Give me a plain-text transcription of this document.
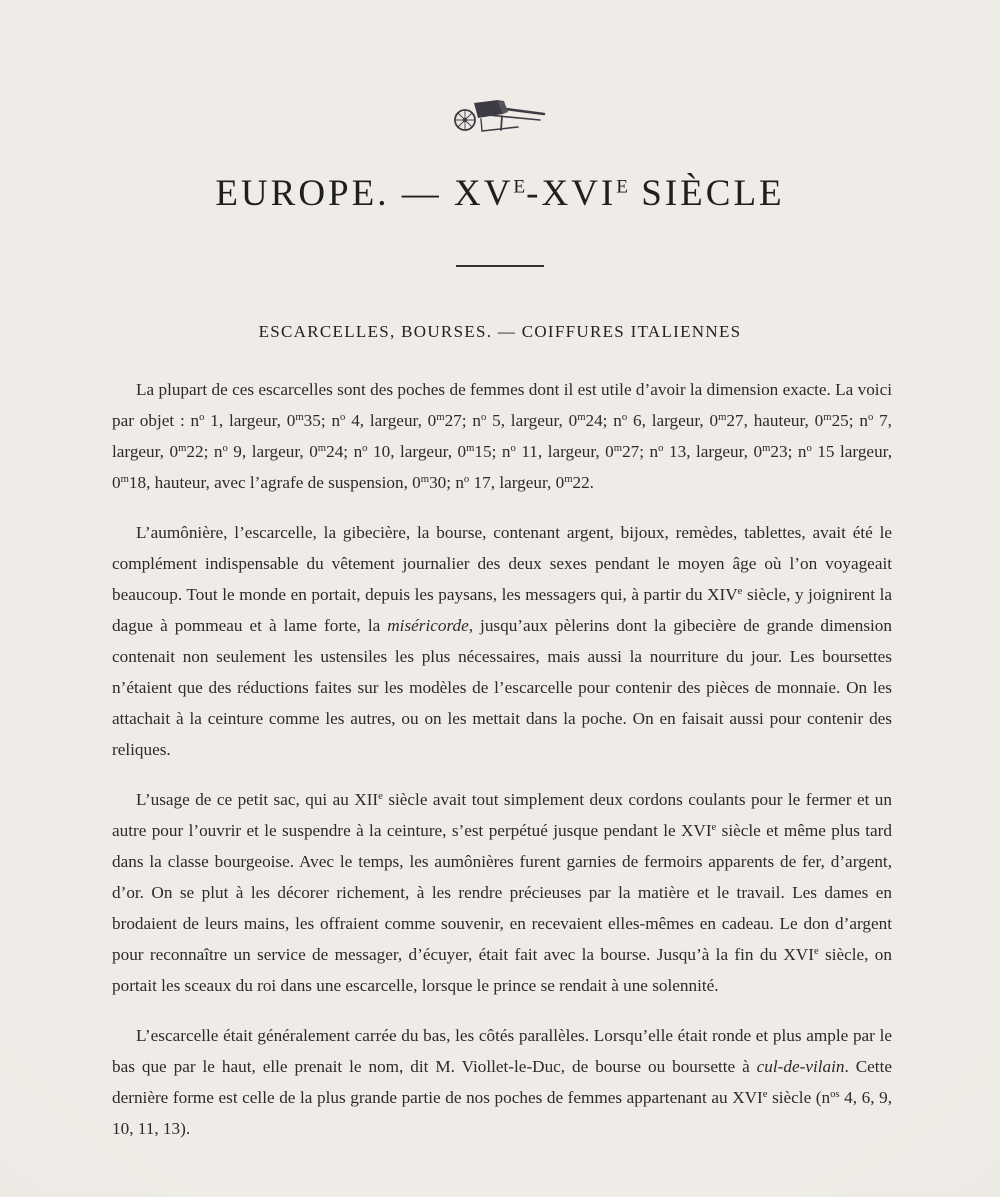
EUROPE. — $XV^E-XVI^E$ SIÈCLE
ESCARCELLES, BOURSES. — COIFFURES ITALIENNES

La plupart de ces escarcelles sont des poches de femmes dont il est utile d’avoir la dimension exacte. La voici par objet : $n^o$ 1, largeur, 0$^m$35; $n^o$ 4, largeur, 0$^m$27; $n^o$ 5, largeur, 0$^m$24; $n^o$ 6, largeur, 0$^m$27, hauteur, 0$^m$25; $n^o$ 7, largeur, 0$^m$22; $n^o$ 9, largeur, 0$^m$24; $n^o$ 10, largeur, 0$^m$15; $n^o$ 11, largeur, 0$^m$27; $n^o$ 13, largeur, 0$^m$23; $n^o$ 15 largeur, 0$^m$18, hauteur, avec l’agrafe de suspension, 0$^m$30; $n^o$ 17, largeur, 0$^m$22.

L’aumônière, l’escarcelle, la gibecière, la bourse, contenant argent, bijoux, remèdes, tablettes, avait été le complément indispensable du vêtement journalier des deux sexes pendant le moyen âge où l’on voyageait beaucoup. Tout le monde en portait, depuis les paysans, les messagers qui, à partir du XIVe siècle, y joignirent la dague à pommeau et à lame forte, la miséricorde, jusqu’aux pèlerins dont la gibecière de grande dimension contenait non seulement les ustensiles les plus nécessaires, mais aussi la nourriture du jour. Les boursettes n’étaient que des réductions faites sur les modèles de l’escarcelle pour contenir des pièces de monnaie. On les attachait à la ceinture comme les autres, ou on les mettait dans la poche. On en faisait aussi pour contenir des reliques.

L’usage de ce petit sac, qui au XIIe siècle avait tout simplement deux cordons coulants pour le fermer et un autre pour l’ouvrir et le suspendre à la ceinture, s’est perpétué jusque pendant le XVIe siècle et même plus tard dans la classe bourgeoise. Avec le temps, les aumônières furent garnies de fermoirs apparents de fer, d’argent, d’or. On se plut à les décorer richement, à les rendre précieuses par la matière et le travail. Les dames en brodaient de leurs mains, les offraient comme souvenir, en recevaient elles-mêmes en cadeau. Le don d’argent pour reconnaître un service de messager, d’écuyer, était fait avec la bourse. Jusqu’à la fin du XVIe siècle, on portait les sceaux du roi dans une escarcelle, lorsque le prince se rendait à une solennité.

L’escarcelle était généralement carrée du bas, les côtés parallèles. Lorsqu’elle était ronde et plus ample par le bas que par le haut, elle prenait le nom, dit M. Viollet-le-Duc, de bourse ou boursette à cul-de-vilain. Cette dernière forme est celle de la plus grande partie de nos poches de femmes appartenant au XVIe siècle ($n^{os}$ 4, 6, 9, 10, 11, 13).
